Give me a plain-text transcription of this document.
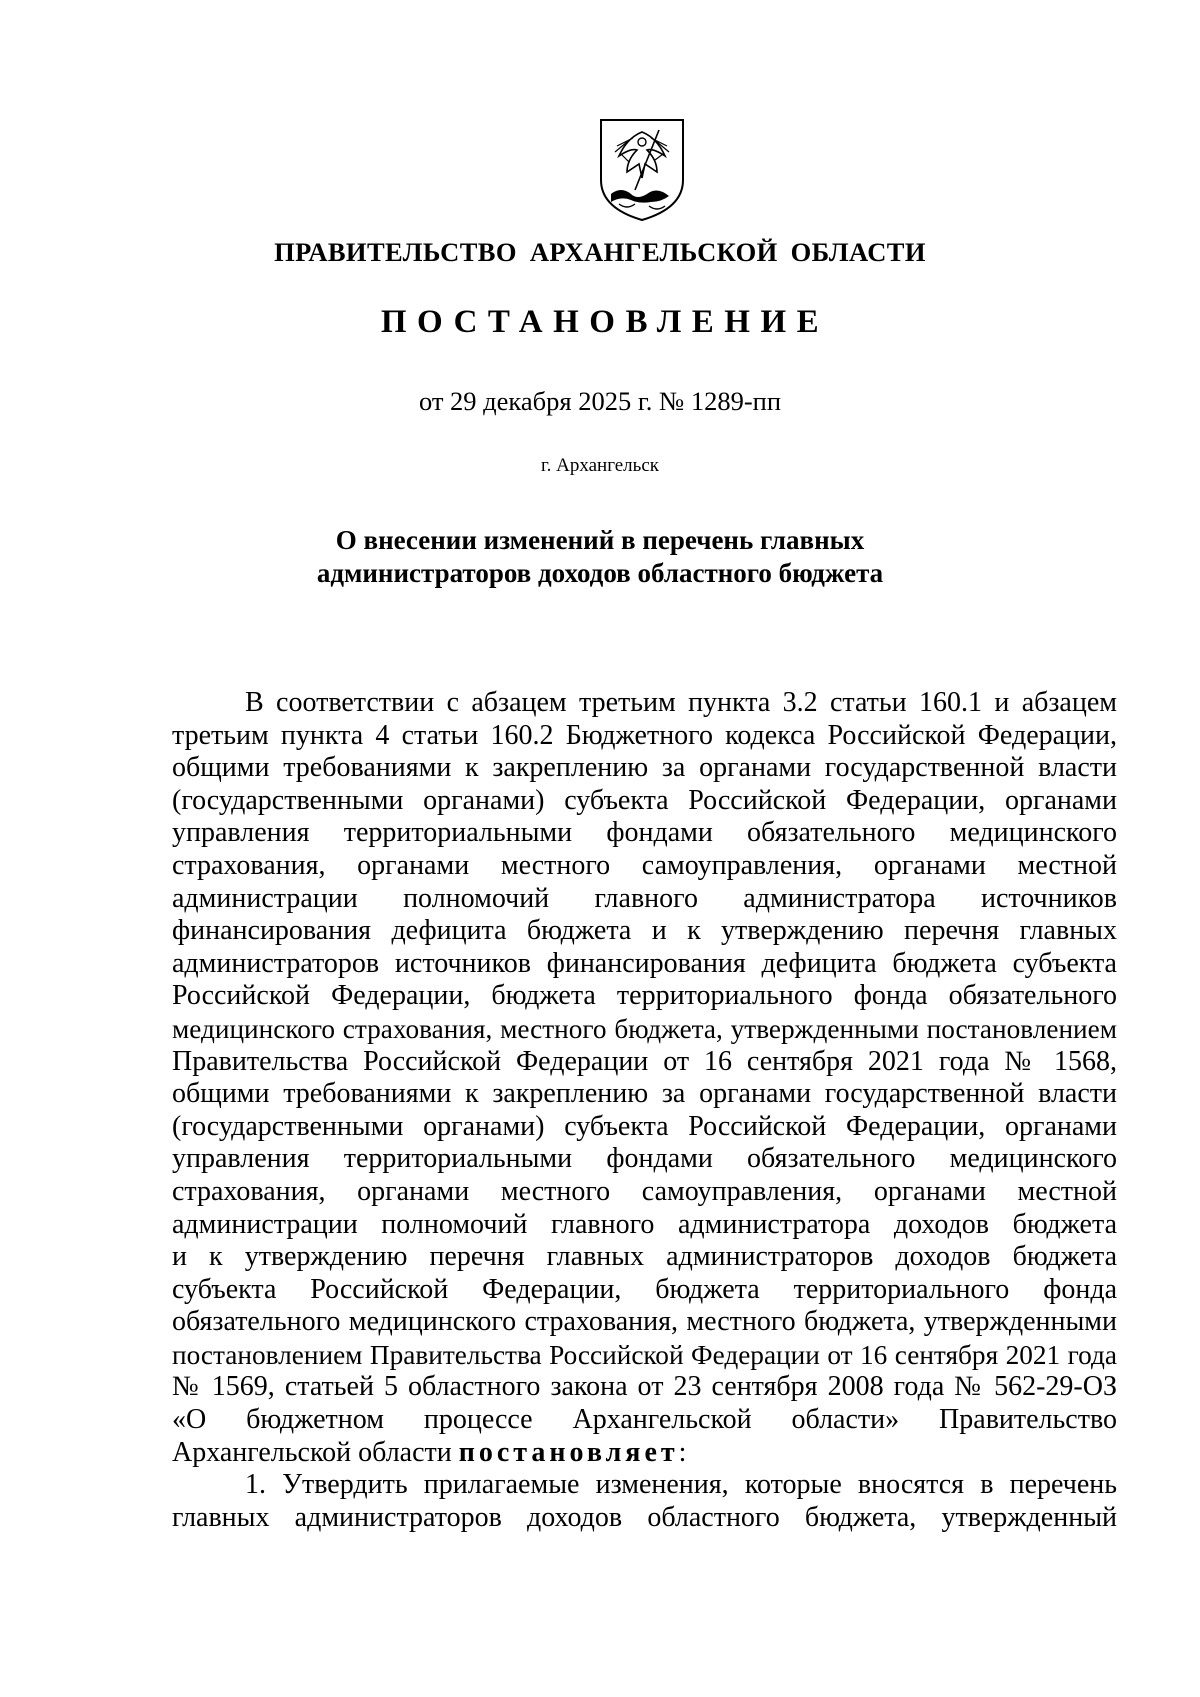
ПРАВИТЕЛЬСТВО АРХАНГЕЛЬСКОЙ ОБЛАСТИ
ПОСТАНОВЛЕНИЕ
от 29 декабря 2025 г. № 1289-пп
г. Архангельск
О внесении изменений в перечень главных
администраторов доходов областного бюджета
В соответствии с абзацем третьим пункта 3.2 статьи 160.1 и абзацем
третьим пункта 4 статьи 160.2 Бюджетного кодекса Российской Федерации,
общими требованиями к закреплению за органами государственной власти
(государственными органами) субъекта Российской Федерации, органами
управления территориальными фондами обязательного медицинского
страхования, органами местного самоуправления, органами местной
администрации полномочий главного администратора источников
финансирования дефицита бюджета и к утверждению перечня главных
администраторов источников финансирования дефицита бюджета субъекта
Российской Федерации, бюджета территориального фонда обязательного
медицинского страхования, местного бюджета, утвержденными постановлением
Правительства Российской Федерации от 16 сентября 2021 года № 1568,
общими требованиями к закреплению за органами государственной власти
(государственными органами) субъекта Российской Федерации, органами
управления территориальными фондами обязательного медицинского
страхования, органами местного самоуправления, органами местной
администрации полномочий главного администратора доходов бюджета
и к утверждению перечня главных администраторов доходов бюджета
субъекта Российской Федерации, бюджета территориального фонда
обязательного медицинского страхования, местного бюджета, утвержденными
постановлением Правительства Российской Федерации от 16 сентября 2021 года
№ 1569, статьей 5 областного закона от 23 сентября 2008 года № 562-29-ОЗ
«О бюджетном процессе Архангельской области» Правительство
Архангельской области постановляет:
1. Утвердить прилагаемые изменения, которые вносятся в перечень
главных администраторов доходов областного бюджета, утвержденный
